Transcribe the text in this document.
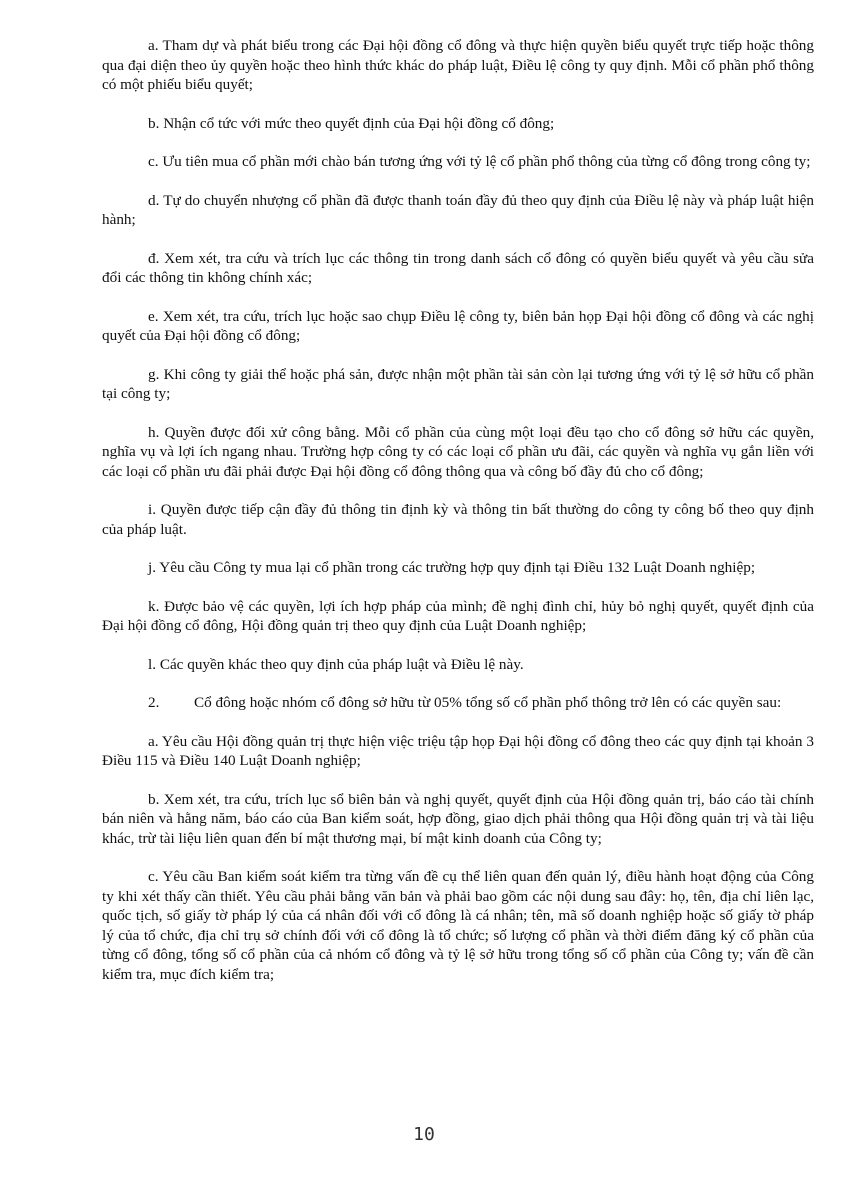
a. Tham dự và phát biểu trong các Đại hội đồng cổ đông và thực hiện quyền biểu quyết trực tiếp hoặc thông qua đại diện theo ủy quyền hoặc theo hình thức khác do pháp luật, Điều lệ công ty quy định. Mỗi cổ phần phổ thông có một phiếu biểu quyết;

b. Nhận cổ tức với mức theo quyết định của Đại hội đồng cổ đông;

c. Ưu tiên mua cổ phần mới chào bán tương ứng với tỷ lệ cổ phần phổ thông của từng cổ đông trong công ty;

d. Tự do chuyển nhượng cổ phần đã được thanh toán đầy đủ theo quy định của Điều lệ này và pháp luật hiện hành;

đ. Xem xét, tra cứu và trích lục các thông tin trong danh sách cổ đông có quyền biểu quyết và yêu cầu sửa đổi các thông tin không chính xác;

e. Xem xét, tra cứu, trích lục hoặc sao chụp Điều lệ công ty, biên bản họp Đại hội đồng cổ đông và các nghị quyết của Đại hội đồng cổ đông;

g. Khi công ty giải thể hoặc phá sản, được nhận một phần tài sản còn lại tương ứng với tỷ lệ sở hữu cổ phần tại công ty;

h. Quyền được đối xử công bằng. Mỗi cổ phần của cùng một loại đều tạo cho cổ đông sở hữu các quyền, nghĩa vụ và lợi ích ngang nhau. Trường hợp công ty có các loại cổ phần ưu đãi, các quyền và nghĩa vụ gắn liền với các loại cổ phần ưu đãi phải được Đại hội đồng cổ đông thông qua và công bố đầy đủ cho cổ đông;

i. Quyền được tiếp cận đầy đủ thông tin định kỳ và thông tin bất thường do công ty công bố theo quy định của pháp luật.

j. Yêu cầu Công ty mua lại cổ phần trong các trường hợp quy định tại Điều 132 Luật Doanh nghiệp;

k. Được bảo vệ các quyền, lợi ích hợp pháp của mình; đề nghị đình chỉ, hủy bỏ nghị quyết, quyết định của Đại hội đồng cổ đông, Hội đồng quản trị theo quy định của Luật Doanh nghiệp;

l. Các quyền khác theo quy định của pháp luật và Điều lệ này.

2. Cổ đông hoặc nhóm cổ đông sở hữu từ 05% tổng số cổ phần phổ thông trở lên có các quyền sau:

a. Yêu cầu Hội đồng quản trị thực hiện việc triệu tập họp Đại hội đồng cổ đông theo các quy định tại khoản 3 Điều 115 và Điều 140 Luật Doanh nghiệp;

b. Xem xét, tra cứu, trích lục sổ biên bản và nghị quyết, quyết định của Hội đồng quản trị, báo cáo tài chính bán niên và hằng năm, báo cáo của Ban kiểm soát, hợp đồng, giao dịch phải thông qua Hội đồng quản trị và tài liệu khác, trừ tài liệu liên quan đến bí mật thương mại, bí mật kinh doanh của Công ty;

c. Yêu cầu Ban kiểm soát kiểm tra từng vấn đề cụ thể liên quan đến quản lý, điều hành hoạt động của Công ty khi xét thấy cần thiết. Yêu cầu phải bằng văn bản và phải bao gồm các nội dung sau đây: họ, tên, địa chỉ liên lạc, quốc tịch, số giấy tờ pháp lý của cá nhân đối với cổ đông là cá nhân; tên, mã số doanh nghiệp hoặc số giấy tờ pháp lý của tổ chức, địa chỉ trụ sở chính đối với cổ đông là tổ chức; số lượng cổ phần và thời điểm đăng ký cổ phần của từng cổ đông, tổng số cổ phần của cả nhóm cổ đông và tỷ lệ sở hữu trong tổng số cổ phần của Công ty; vấn đề cần kiểm tra, mục đích kiểm tra;

10
